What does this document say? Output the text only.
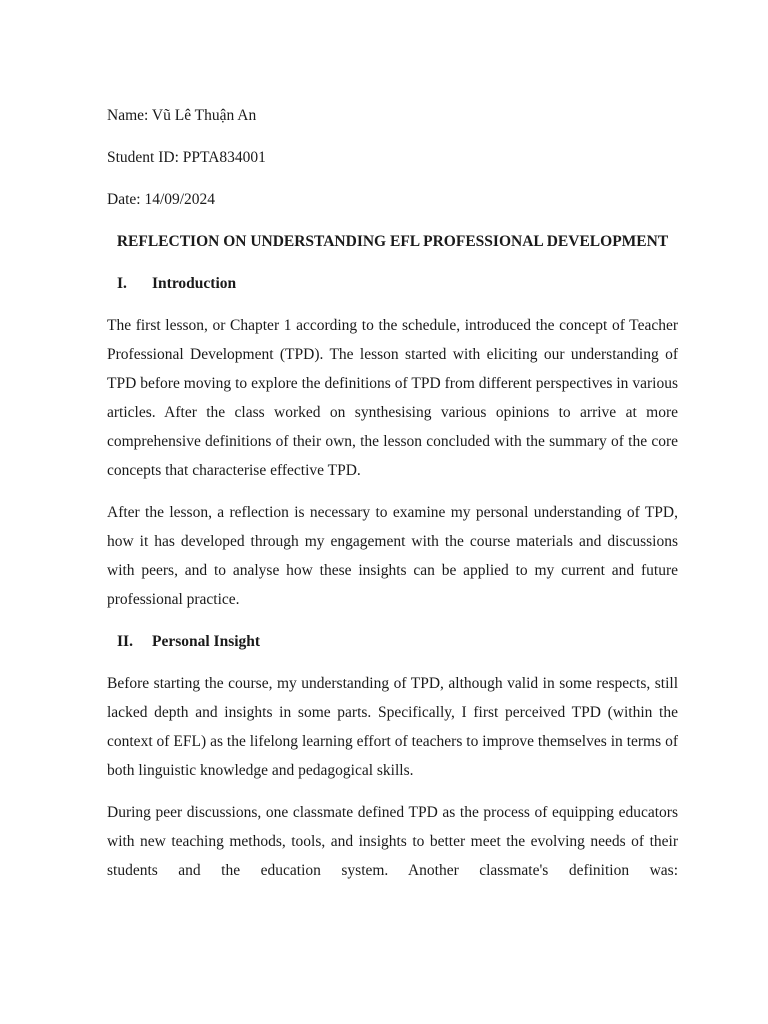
Name: Vũ Lê Thuận An

Student ID: PPTA834001

Date: 14/09/2024

REFLECTION ON UNDERSTANDING EFL PROFESSIONAL DEVELOPMENT

I.	Introduction

The first lesson, or Chapter 1 according to the schedule, introduced the concept of Teacher Professional Development (TPD). The lesson started with eliciting our understanding of TPD before moving to explore the definitions of TPD from different perspectives in various articles. After the class worked on synthesising various opinions to arrive at more comprehensive definitions of their own, the lesson concluded with the summary of the core concepts that characterise effective TPD.

After the lesson, a reflection is necessary to examine my personal understanding of TPD, how it has developed through my engagement with the course materials and discussions with peers, and to analyse how these insights can be applied to my current and future professional practice.

II.	Personal Insight

Before starting the course, my understanding of TPD, although valid in some respects, still lacked depth and insights in some parts. Specifically, I first perceived TPD (within the context of EFL) as the lifelong learning effort of teachers to improve themselves in terms of both linguistic knowledge and pedagogical skills.

During peer discussions, one classmate defined TPD as the process of equipping educators with new teaching methods, tools, and insights to better meet the evolving needs of their students and the education system. Another classmate's definition was:
